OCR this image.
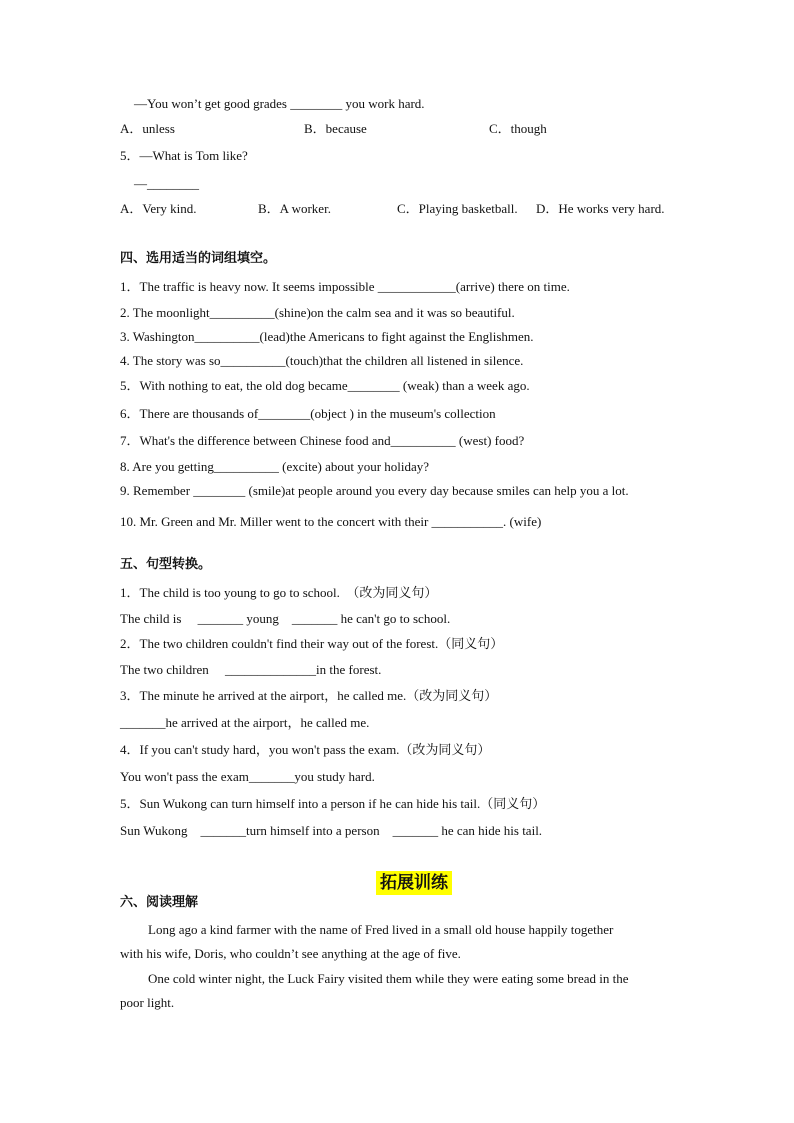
—You won’t get good grades ________ you work hard.
A．unless	B．because	C．though
5．—What is Tom like?
—________
A．Very kind.	B．A worker.	C．Playing basketball. D．He works very hard.
四、选用适当的词组填空。
1．The traffic is heavy now. It seems impossible ____________(arrive) there on time.
2. The moonlight__________(shine)on the calm sea and it was so beautiful.
3. Washington__________(lead)the Americans to fight against the Englishmen.
4. The story was so__________(touch)that the children all listened in silence.
5．With nothing to eat, the old dog became________ (weak) than a week ago.
6．There are thousands of________(object ) in the museum's collection
7．What's the difference between Chinese food and__________ (west) food?
8. Are you getting__________ (excite) about your holiday?
9. Remember ________ (smile)at people around you every day because smiles can help you a lot.
10. Mr. Green and Mr. Miller went to the concert with their ___________. (wife)
五、句型转换。
1．The child is too young to go to school.  （改为同义句）
The child is     _______ young    _______ he can't go to school.
2．The two children couldn't find their way out of the forest.（同义句）
The two children     ______________in the forest.
3．The minute he arrived at the airport，he called me.（改为同义句）
_______he arrived at the airport，he called me.
4．If you can't study hard，you won't pass the exam.（改为同义句）
You won't pass the exam_______you study hard.
5．Sun Wukong can turn himself into a person if he can hide his tail.（同义句）
Sun Wukong    _______turn himself into a person    _______ he can hide his tail.
拓展训练
六、阅读理解
Long ago a kind farmer with the name of Fred lived in a small old house happily together
with his wife, Doris, who couldn’t see anything at the age of five.
One cold winter night, the Luck Fairy visited them while they were eating some bread in the
poor light.
